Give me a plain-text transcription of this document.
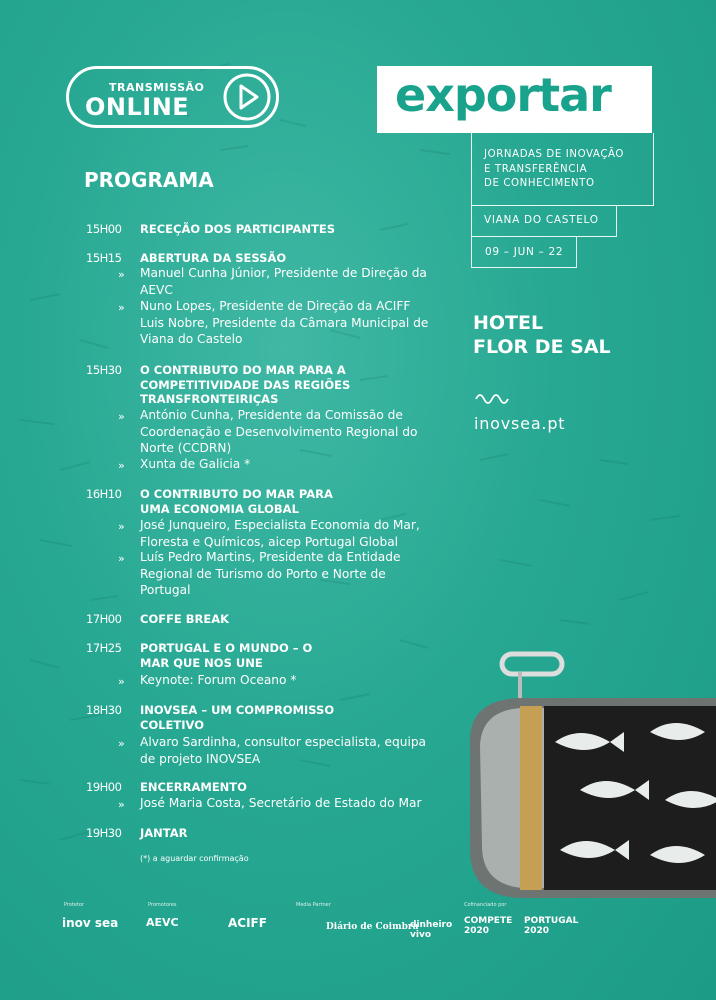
TRANSMISSÃO
ONLINE	exportar
JORNADAS DE INOVAÇÃO
E TRANSFERÊNCIA
DE CONHECIMENTO
VIANA DO CASTELO
09 – JUN – 22
HOTEL
FLOR DE SAL
inovsea.pt
PROGRAMA
15H00	RECEÇÃO DOS PARTICIPANTES
15H15	ABERTURA DA SESSÃO
» Manuel Cunha Júnior, Presidente de Direção da AEVC
» Nuno Lopes, Presidente de Direção da ACIFF Luis Nobre, Presidente da Câmara Municipal de Viana do Castelo
15H30	O CONTRIBUTO DO MAR PARA A COMPETITIVIDADE DAS REGIÕES TRANSFRONTEIRIÇAS
» António Cunha, Presidente da Comissão de Coordenação e Desenvolvimento Regional do Norte (CCDRN)
» Xunta de Galicia *
16H10	O CONTRIBUTO DO MAR PARA UMA ECONOMIA GLOBAL
» José Junqueiro, Especialista Economia do Mar, Floresta e Químicos, aicep Portugal Global
» Luís Pedro Martins, Presidente da Entidade Regional de Turismo do Porto e Norte de Portugal
17H00	COFFE BREAK
17H25	PORTUGAL E O MUNDO – O MAR QUE NOS UNE
» Keynote: Forum Oceano *
18H30	INOVSEA – UM COMPROMISSO COLETIVO
» Alvaro Sardinha, consultor especialista, equipa de projeto INOVSEA
19H00	ENCERRAMENTO
» José Maria Costa, Secretário de Estado do Mar
19H30	JANTAR
(*) a aguardar confirmação
Protetor	Promotores	Media Partner	Cofinanciado por
inov sea	AEVC	ACIFF	Diário de Coimbra
dinheiro vivo
COMPETE 2020
PORTUGAL 2020
